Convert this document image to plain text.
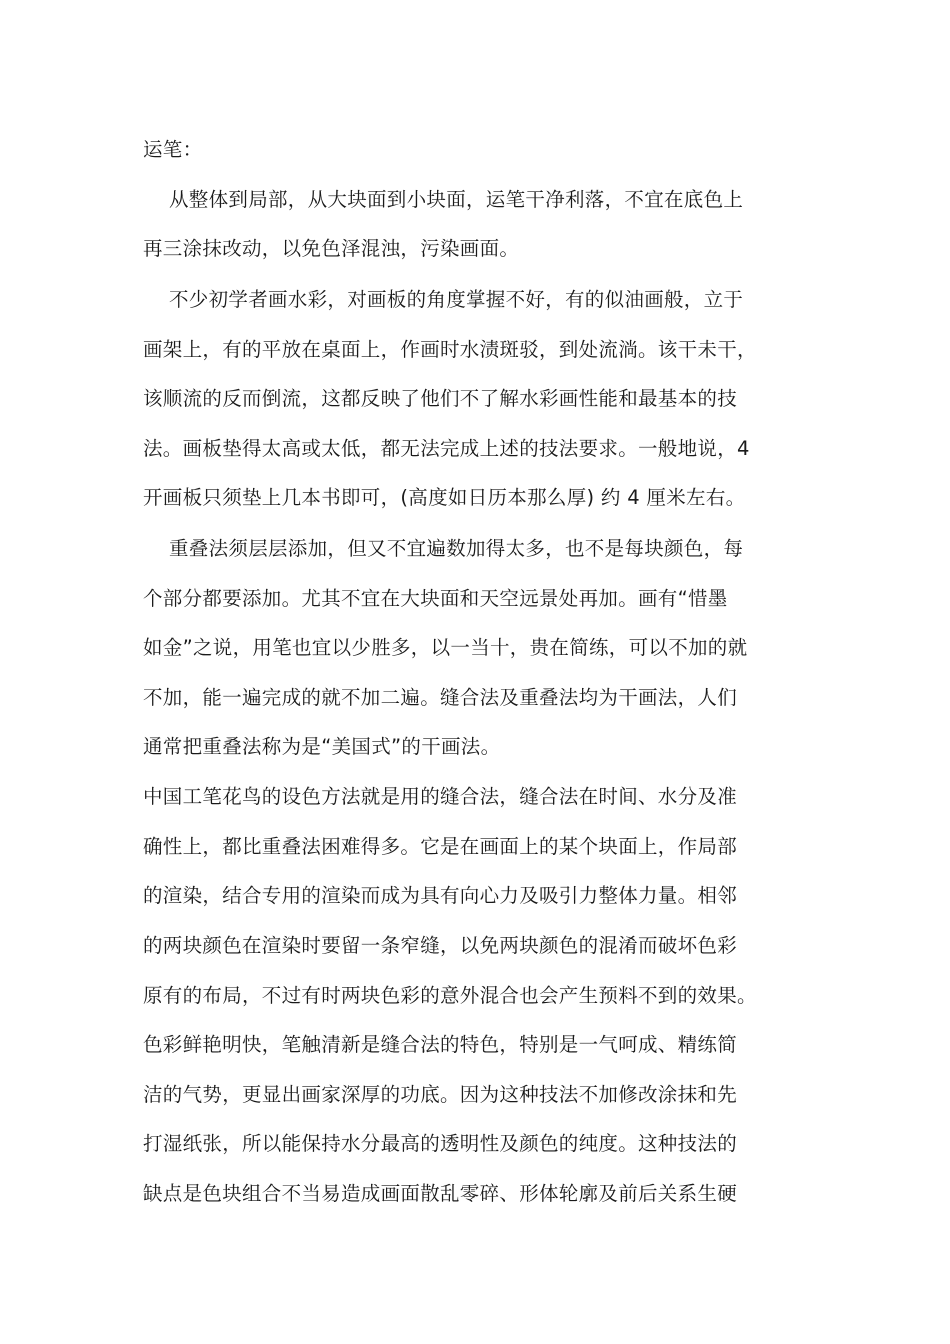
运笔：
从整体到局部，从大块面到小块面，运笔干净利落，不宜在底色上
再三涂抹改动，以免色泽混浊，污染画面。
不少初学者画水彩，对画板的角度掌握不好，有的似油画般，立于
画架上，有的平放在桌面上，作画时水渍斑驳，到处流淌。该干未干，
该顺流的反而倒流，这都反映了他们不了解水彩画性能和最基本的技
法。画板垫得太高或太低，都无法完成上述的技法要求。一般地说，4
开画板只须垫上几本书即可，(高度如日历本那么厚) 约 4 厘米左右。
重叠法须层层添加，但又不宜遍数加得太多，也不是每块颜色，每
个部分都要添加。尤其不宜在大块面和天空远景处再加。画有“惜墨
如金”之说，用笔也宜以少胜多，以一当十，贵在简练，可以不加的就
不加，能一遍完成的就不加二遍。缝合法及重叠法均为干画法，人们
通常把重叠法称为是“美国式”的干画法。
中国工笔花鸟的设色方法就是用的缝合法，缝合法在时间、水分及准
确性上，都比重叠法困难得多。它是在画面上的某个块面上，作局部
的渲染，结合专用的渲染而成为具有向心力及吸引力整体力量。相邻
的两块颜色在渲染时要留一条窄缝，以免两块颜色的混淆而破坏色彩
原有的布局，不过有时两块色彩的意外混合也会产生预料不到的效果。
色彩鲜艳明快，笔触清新是缝合法的特色，特别是一气呵成、精练简
洁的气势，更显出画家深厚的功底。因为这种技法不加修改涂抹和先
打湿纸张，所以能保持水分最高的透明性及颜色的纯度。这种技法的
缺点是色块组合不当易造成画面散乱零碎、形体轮廓及前后关系生硬
